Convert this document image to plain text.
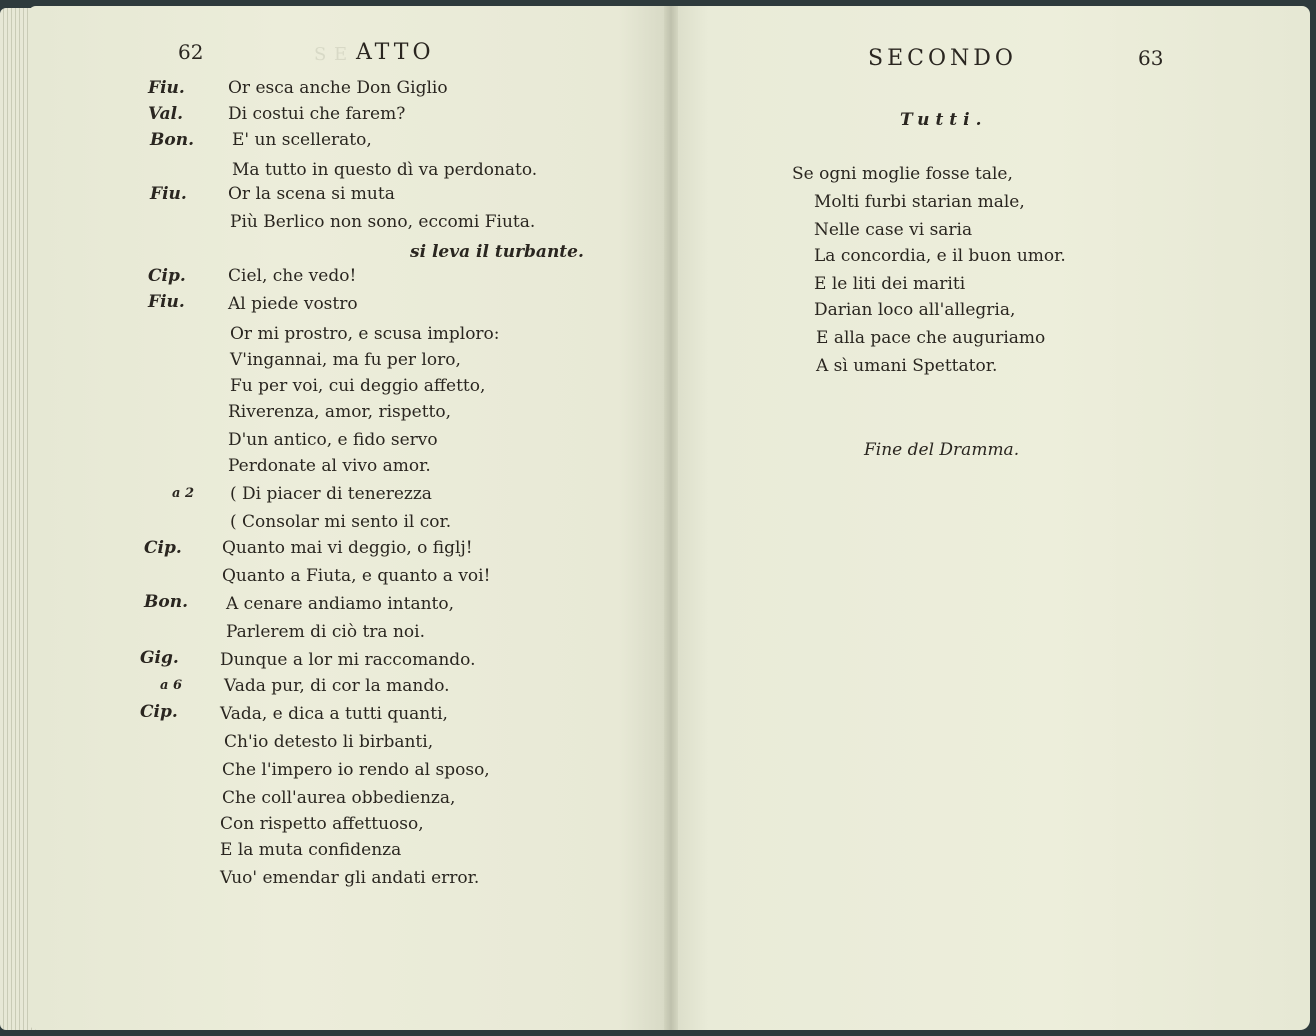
S E
62	ATTO
Fiu.	Or esca anche Don Giglio
Val.	Di costui che farem?
Bon. E' un scellerato,
Ma tutto in questo dì va perdonato.
Fiu. Or la scena si muta
Più Berlico non sono, eccomi Fiuta.
si leva il turbante.
Cip. Ciel, che vedo!
Fiu.	Al piede vostro
Or mi prostro, e scusa imploro:
V'ingannai, ma fu per loro,
Fu per voi, cui deggio affetto,
Riverenza, amor, rispetto,
D'un antico, e fido servo
Perdonate al vivo amor.
a 2 ( Di piacer di tenerezza
( Consolar mi sento il cor.
Cip. Quanto mai vi deggio, o figlj!
Quanto a Fiuta, e quanto a voi!
Bon. A cenare andiamo intanto,
Parlerem di ciò tra noi.
Gig. Dunque a lor mi raccomando.
a 6 Vada pur, di cor la mando.
Cip. Vada, e dica a tutti quanti,
Ch'io detesto li birbanti,
Che l'impero io rendo al sposo,
Che coll'aurea obbedienza,
Con rispetto affettuoso,
E la muta confidenza
Vuo' emendar gli andati error.
SECONDO	63
Tutti.
Se ogni moglie fosse tale,
Molti furbi starian male,
Nelle case vi saria
La concordia, e il buon umor.
E le liti dei mariti
Darian loco all'allegria,
E alla pace che auguriamo
A sì umani Spettator.
Fine del Dramma.
